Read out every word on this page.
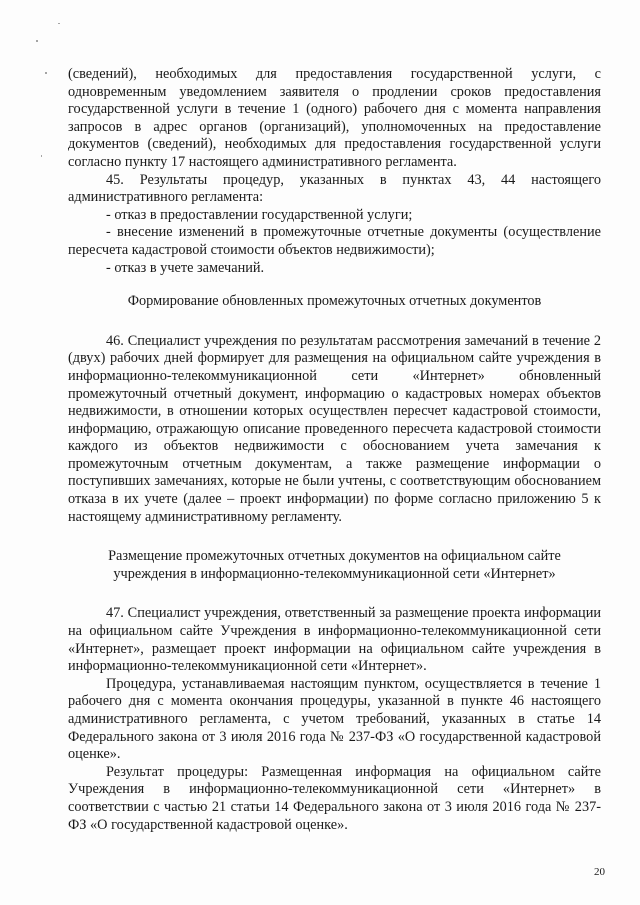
(сведений), необходимых для предоставления государственной услуги, с одновременным уведомлением заявителя о продлении сроков предоставления государственной услуги в течение 1 (одного) рабочего дня с момента направления запросов в адрес органов (организаций), уполномоченных на предоставление документов (сведений), необходимых для предоставления государственной услуги согласно пункту 17 настоящего административного регламента.

45. Результаты процедур, указанных в пунктах 43, 44 настоящего административного регламента:

- отказ в предоставлении государственной услуги;

- внесение изменений в промежуточные отчетные документы (осуществление пересчета кадастровой стоимости объектов недвижимости);

- отказ в учете замечаний.

Формирование обновленных промежуточных отчетных документов

46. Специалист учреждения по результатам рассмотрения замечаний в течение 2 (двух) рабочих дней формирует для размещения на официальном сайте учреждения в информационно-телекоммуникационной сети «Интернет» обновленный промежуточный отчетный документ, информацию о кадастровых номерах объектов недвижимости, в отношении которых осуществлен пересчет кадастровой стоимости, информацию, отражающую описание проведенного пересчета кадастровой стоимости каждого из объектов недвижимости с обоснованием учета замечания к промежуточным отчетным документам, а также размещение информации о поступивших замечаниях, которые не были учтены, с соответствующим обоснованием отказа в их учете (далее – проект информации) по форме согласно приложению 5 к настоящему административному регламенту.

Размещение промежуточных отчетных документов на официальном сайте

учреждения в информационно-телекоммуникационной сети «Интернет»

47. Специалист учреждения, ответственный за размещение проекта информации на официальном сайте Учреждения в информационно-телекоммуникационной сети «Интернет», размещает проект информации на официальном сайте учреждения в информационно-телекоммуникационной сети «Интернет».

Процедура, устанавливаемая настоящим пунктом, осуществляется в течение 1 рабочего дня с момента окончания процедуры, указанной в пункте 46 настоящего административного регламента, с учетом требований, указанных в статье 14 Федерального закона от 3 июля 2016 года № 237-ФЗ «О государственной кадастровой оценке».

Результат процедуры: Размещенная информация на официальном сайте Учреждения в информационно-телекоммуникационной сети «Интернет» в соответствии с частью 21 статьи 14 Федерального закона от 3 июля 2016 года № 237-ФЗ «О государственной кадастровой оценке».

20
